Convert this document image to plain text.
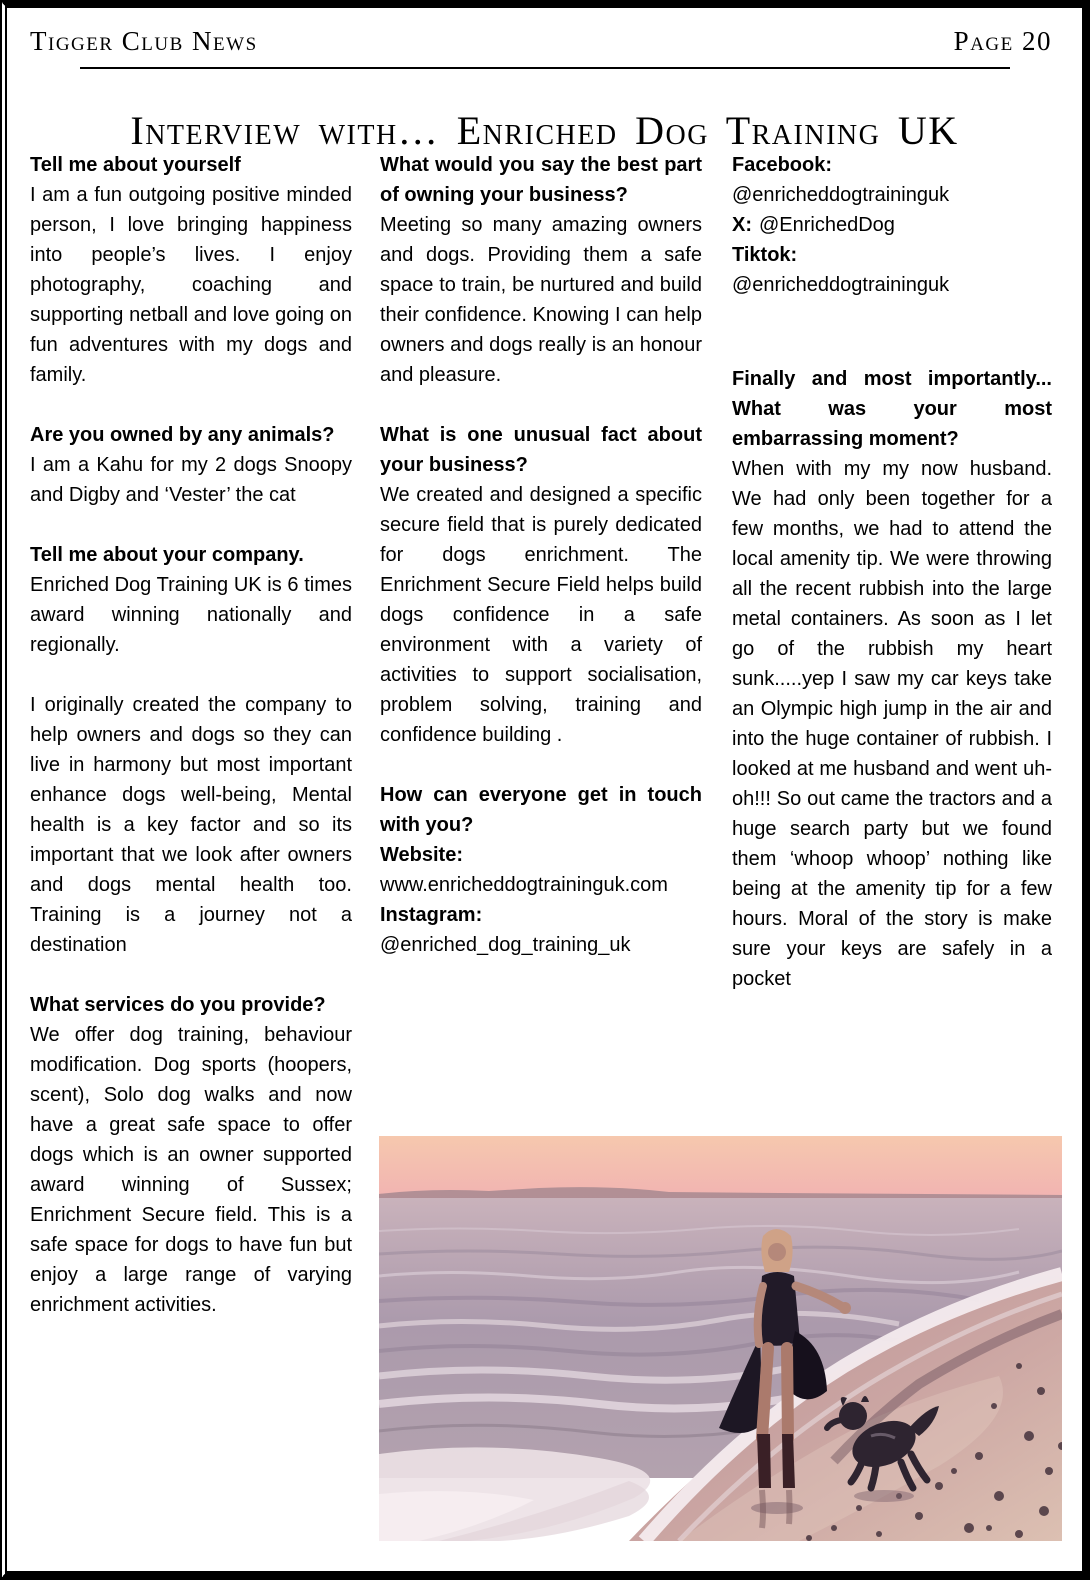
Tigger Club News	Page 20
Interview with… Enriched Dog Training UK
Tell me about yourself
I am a fun outgoing positive minded person, I love bringing happiness into people’s lives. I enjoy photography, coaching and supporting netball and love going on fun adventures with my dogs and family.
Are you owned by any animals?
I am a Kahu for my 2 dogs Snoopy and Digby and ‘Vester’ the cat
Tell me about your company.
Enriched Dog Training UK is 6 times award winning nationally and regionally.
I originally created the company to help owners and dogs so they can live in harmony but most important enhance dogs well-being, Mental health is a key factor and so its important that we look after owners and dogs mental health too. Training is a journey not a destination
What services do you provide?
We offer dog training, behaviour modification. Dog sports (hoopers, scent), Solo dog walks and now have a great safe space to offer dogs which is an owner supported award winning of Sussex; Enrichment Secure field. This is a safe space for dogs to have fun but enjoy a large range of varying enrichment activities.
What would you say the best part of owning your business?
Meeting so many amazing owners and dogs. Providing them a safe space to train, be nurtured and build their confidence. Knowing I can help owners and dogs really is an honour and pleasure.
What is one unusual fact about your business?
We created and designed a specific secure field that is purely dedicated for dogs enrichment. The Enrichment Secure Field helps build dogs confidence in a safe environment with a variety of activities to support socialisation, problem solving, training and confidence building .
How can everyone get in touch with you?
Website:
www.enricheddogtraininguk.com
Instagram:
@enriched_dog_training_uk
Facebook:
@enricheddogtraininguk
X: @EnrichedDog
Tiktok:
@enricheddogtraininguk
Finally and most importantly... What was your most embarrassing moment?
When with my my now husband. We had only been together for a few months, we had to attend the local amenity tip. We were throwing all the recent rubbish into the large metal containers. As soon as I let go of the rubbish my heart sunk.....yep I saw my car keys take an Olympic high jump in the air and into the huge container of rubbish. I looked at me husband and went uh-oh!!! So out came the tractors and a huge search party but we found them ‘whoop whoop’ nothing like being at the amenity tip for a few hours. Moral of the story is make sure your keys are safely in a pocket
